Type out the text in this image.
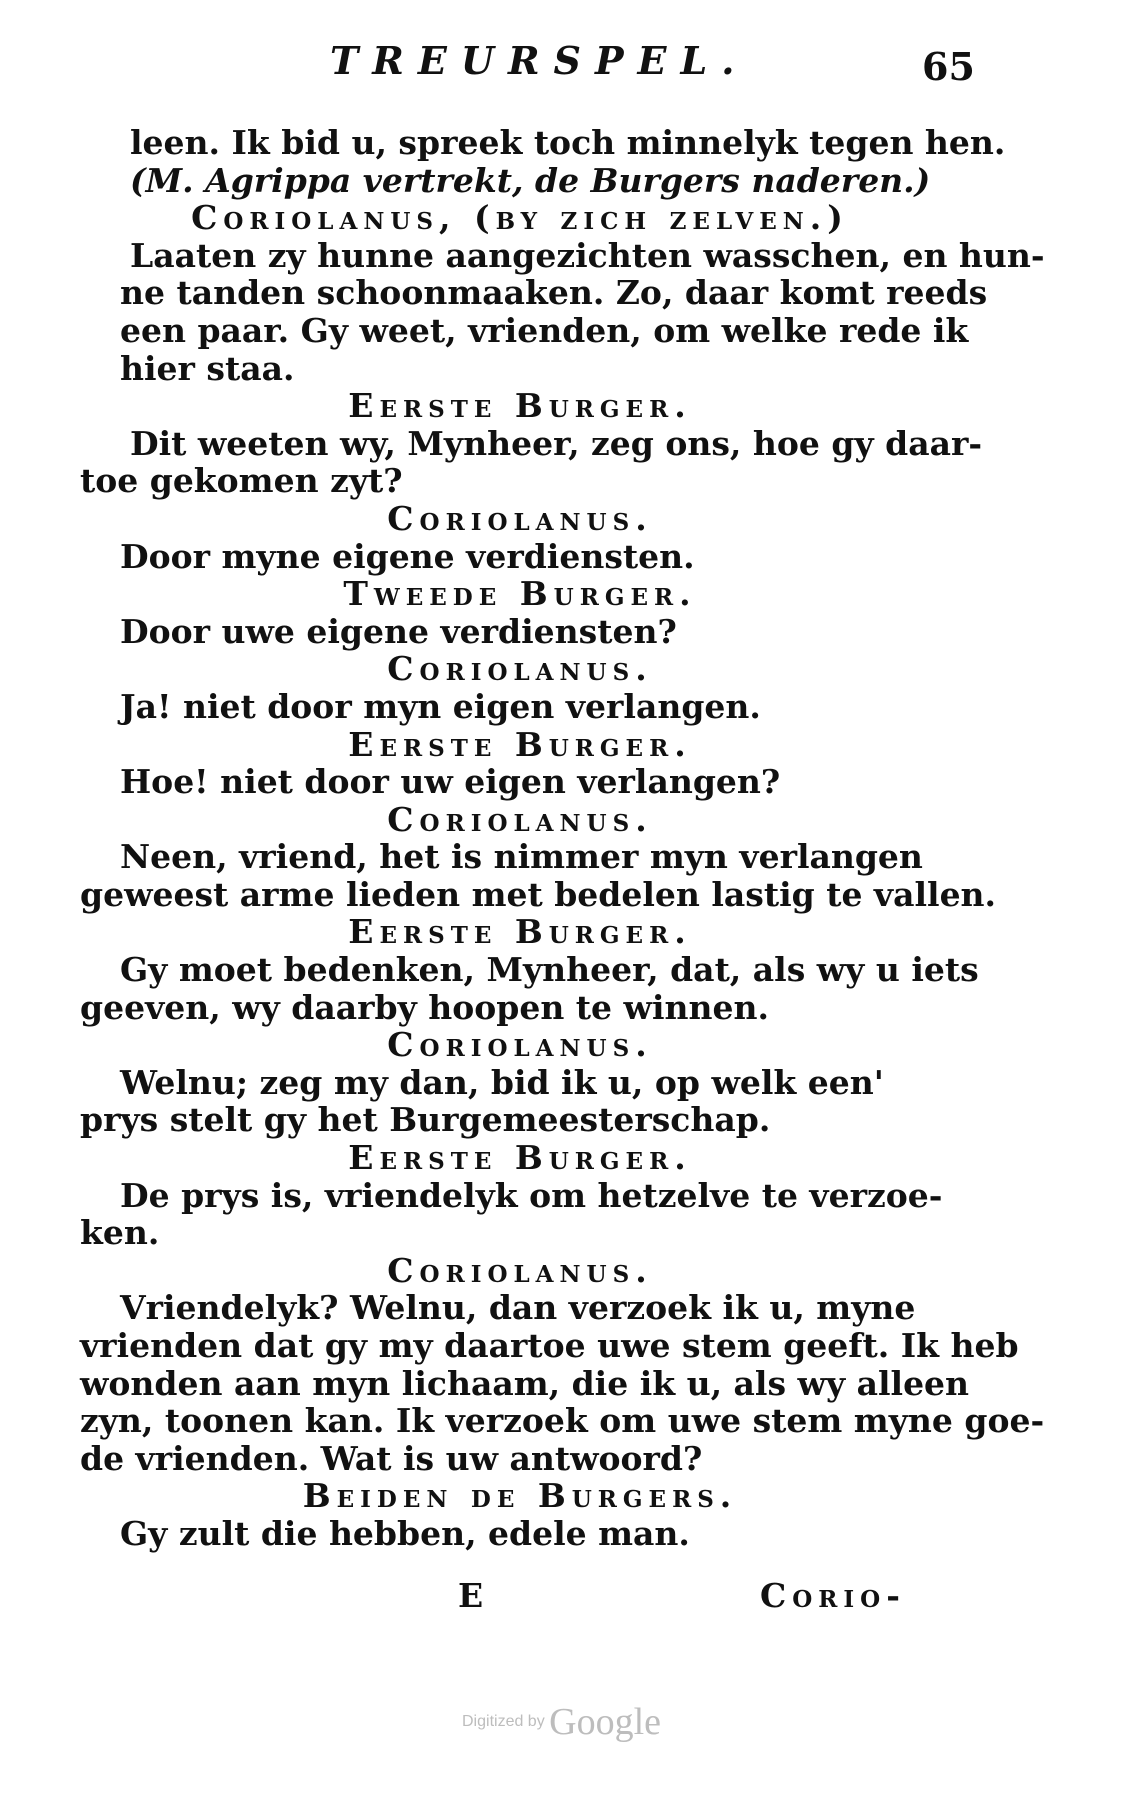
TREURSPEL.	65
leen. Ik bid u, spreek toch minnelyk tegen hen.
(M. Agrippa vertrekt, de Burgers naderen.)
Coriolanus, (by zich zelven.)
Laaten zy hunne aangezichten wasschen, en hun-
ne tanden schoonmaaken. Zo, daar komt reeds
een paar. Gy weet, vrienden, om welke rede ik
hier staa.
Eerste Burger.
Dit weeten wy, Mynheer, zeg ons, hoe gy daar-
toe gekomen zyt?
Coriolanus.
Door myne eigene verdiensten.
Tweede Burger.
Door uwe eigene verdiensten?
Coriolanus.
Ja! niet door myn eigen verlangen.
Eerste Burger.
Hoe! niet door uw eigen verlangen?
Coriolanus.
Neen, vriend, het is nimmer myn verlangen
geweest arme lieden met bedelen lastig te vallen.
Eerste Burger.
Gy moet bedenken, Mynheer, dat, als wy u iets
geeven, wy daarby hoopen te winnen.
Coriolanus.
Welnu; zeg my dan, bid ik u, op welk een'
prys stelt gy het Burgemeesterschap.
Eerste Burger.
De prys is, vriendelyk om hetzelve te verzoe-
ken.
Coriolanus.
Vriendelyk? Welnu, dan verzoek ik u, myne
vrienden dat gy my daartoe uwe stem geeft. Ik heb
wonden aan myn lichaam, die ik u, als wy alleen
zyn, toonen kan. Ik verzoek om uwe stem myne goe-
de vrienden. Wat is uw antwoord?
Beiden de Burgers.
Gy zult die hebben, edele man.
E	Corio-
Digitized by Google
